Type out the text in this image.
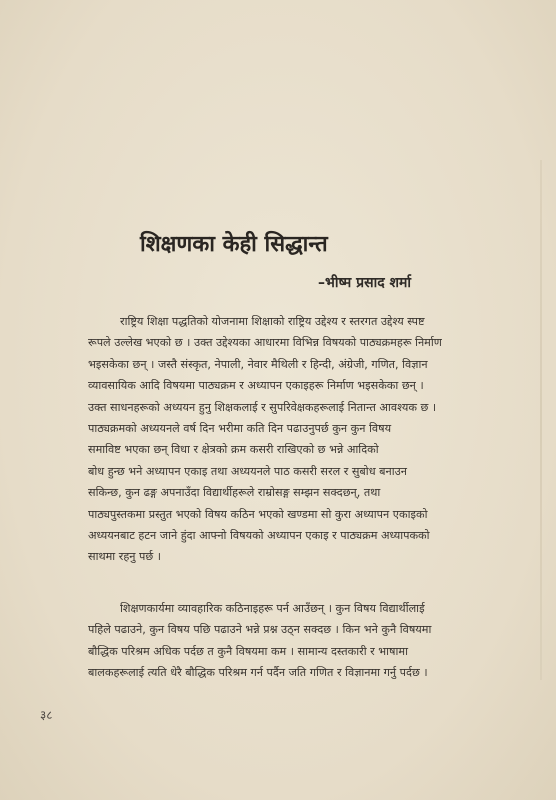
शिक्षणका केही सिद्धान्त
–भीष्म प्रसाद शर्मा
राष्ट्रिय शिक्षा पद्धतिको योजनामा शिक्षाको राष्ट्रिय उद्देश्य र स्तरगत उद्देश्य स्पष्ट
रूपले उल्लेख भएको छ । उक्त उद्देश्यका आधारमा विभिन्न विषयको पाठ्यक्रमहरू निर्माण
भइसकेका छन् । जस्तै संस्कृत, नेपाली, नेवार मैथिली र हिन्दी, अंग्रेजी, गणित, विज्ञान
व्यावसायिक आदि विषयमा पाठ्यक्रम र अध्यापन एकाइहरू निर्माण भइसकेका छन् ।
उक्त साधनहरूको अध्ययन हुनु शिक्षकलाई र सुपरिवेक्षकहरूलाई नितान्त आवश्यक छ ।
पाठ्यक्रमको अध्ययनले वर्ष दिन भरीमा कति दिन पढाउनुपर्छ कुन कुन विषय
समाविष्ट भएका छन् विधा र क्षेत्रको क्रम कसरी राखिएको छ भन्ने आदिको
बोध हुन्छ भने अध्यापन एकाइ तथा अध्ययनले पाठ कसरी सरल र सुबोध बनाउन
सकिन्छ, कुन ढङ्ग अपनाउँदा विद्यार्थीहरूले राम्रोसङ्ग सम्झन सक्दछन्, तथा
पाठ्यपुस्तकमा प्रस्तुत भएको विषय कठिन भएको खण्डमा सो कुरा अध्यापन एकाइको
अध्ययनबाट हटन जाने हुंदा आफ्नो विषयको अध्यापन एकाइ र पाठ्यक्रम अध्यापकको
साथमा रहनु पर्छ ।
शिक्षणकार्यमा व्यावहारिक कठिनाइहरू पर्न आउँछन् । कुन विषय विद्यार्थीलाई
पहिले पढाउने, कुन विषय पछि पढाउने भन्ने प्रश्न उठ्न सक्दछ । किन भने कुनै विषयमा
बौद्धिक परिश्रम अधिक पर्दछ त कुनै विषयमा कम । सामान्य दस्तकारी र भाषामा
बालकहरूलाई त्यति धेरै बौद्धिक परिश्रम गर्न पर्दैन जति गणित र विज्ञानमा गर्नु पर्दछ ।
३८
